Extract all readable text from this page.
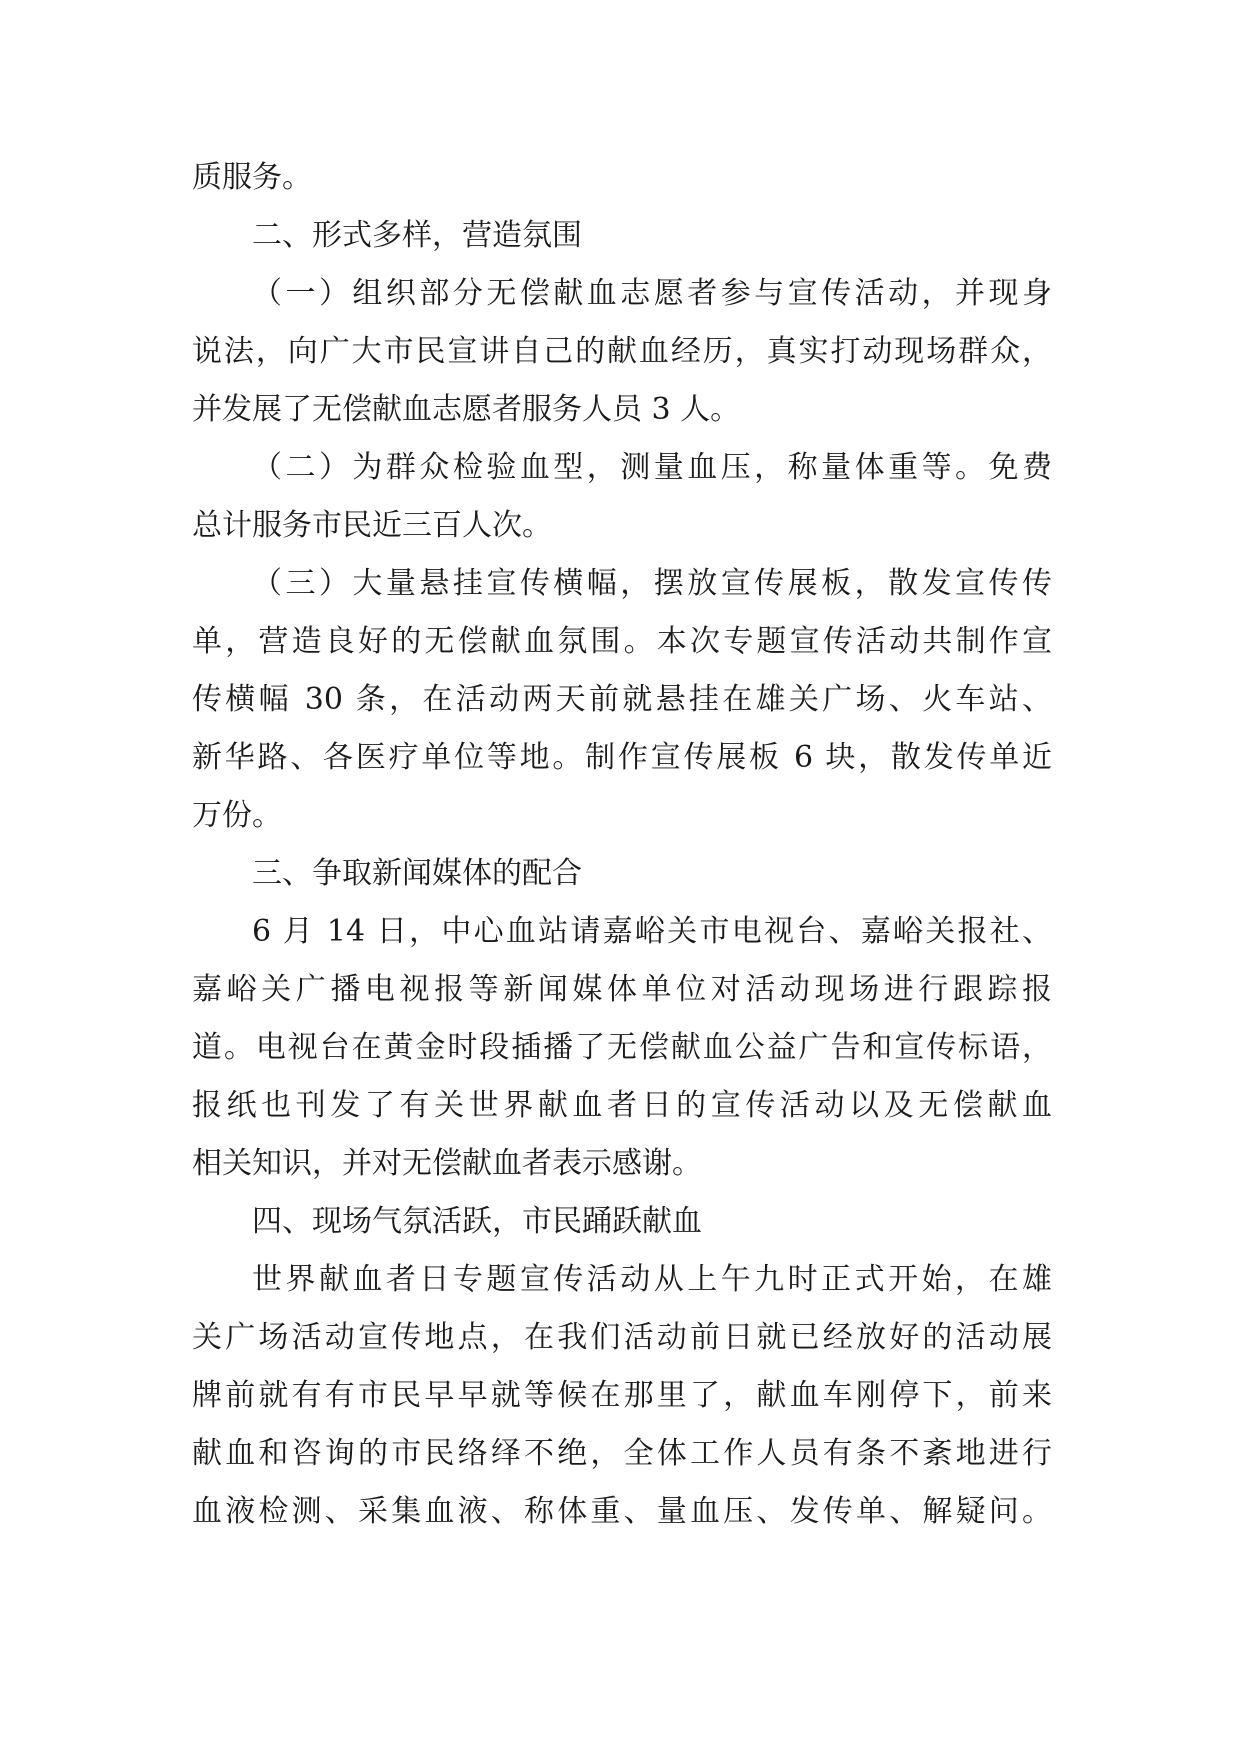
质服务。
二、形式多样，营造氛围
（一）组织部分无偿献血志愿者参与宣传活动，并现身
说法，向广大市民宣讲自己的献血经历，真实打动现场群众，
并发展了无偿献血志愿者服务人员 3 人。
（二）为群众检验血型，测量血压，称量体重等。免费
总计服务市民近三百人次。
（三）大量悬挂宣传横幅，摆放宣传展板，散发宣传传
单，营造良好的无偿献血氛围。本次专题宣传活动共制作宣
传横幅 30 条，在活动两天前就悬挂在雄关广场、火车站、
新华路、各医疗单位等地。制作宣传展板 6 块，散发传单近
万份。
三、争取新闻媒体的配合
6 月 14 日，中心血站请嘉峪关市电视台、嘉峪关报社、
嘉峪关广播电视报等新闻媒体单位对活动现场进行跟踪报
道。电视台在黄金时段插播了无偿献血公益广告和宣传标语，
报纸也刊发了有关世界献血者日的宣传活动以及无偿献血
相关知识，并对无偿献血者表示感谢。
四、现场气氛活跃，市民踊跃献血
世界献血者日专题宣传活动从上午九时正式开始，在雄
关广场活动宣传地点，在我们活动前日就已经放好的活动展
牌前就有有市民早早就等候在那里了，献血车刚停下，前来
献血和咨询的市民络绎不绝，全体工作人员有条不紊地进行
血液检测、采集血液、称体重、量血压、发传单、解疑问。
